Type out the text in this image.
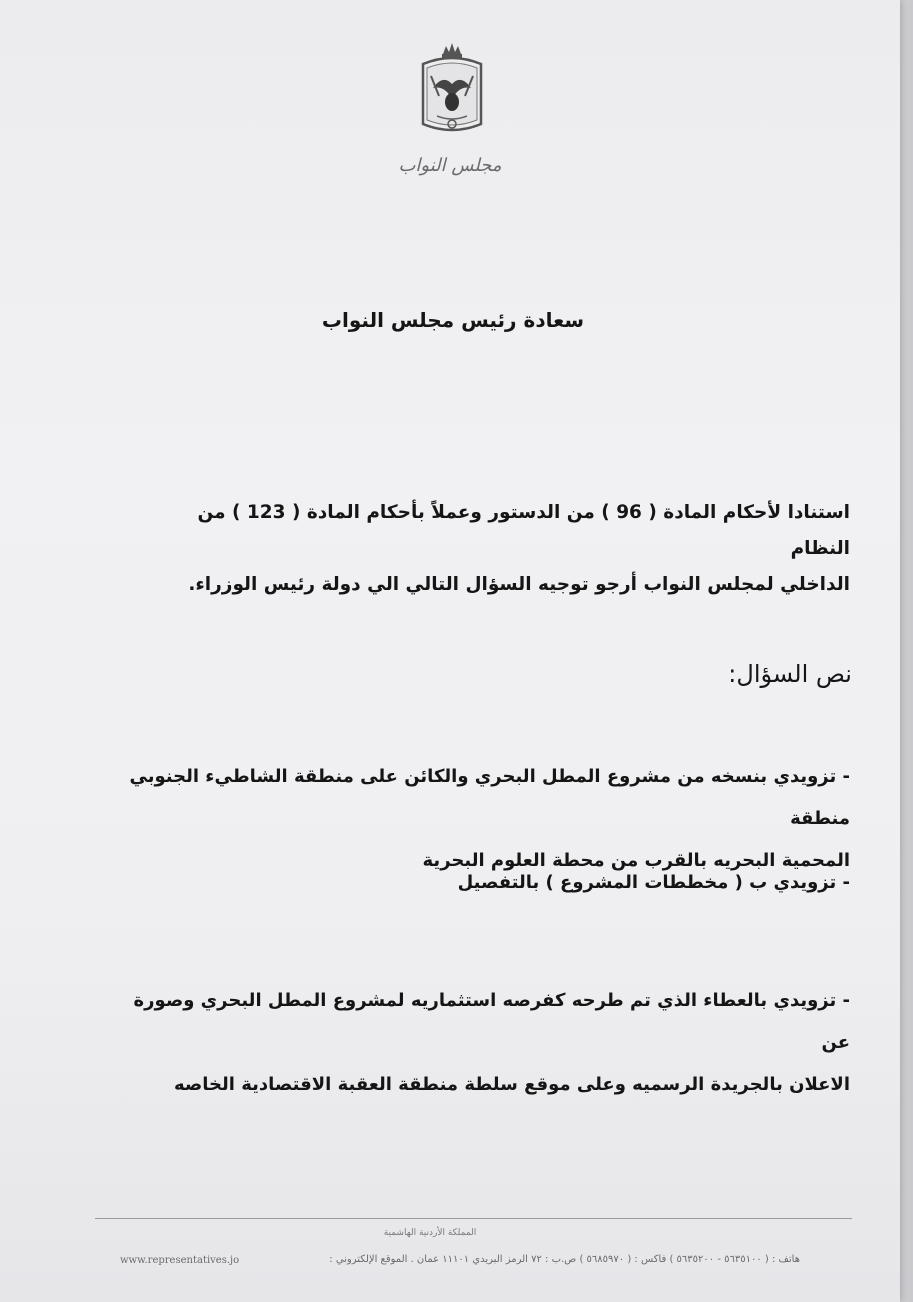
مجلس النواب
سعادة رئيس مجلس النواب
استنادا لأحكام المادة ( 96 ) من الدستور وعملاً بأحكام المادة ( 123 ) من النظام
الداخلي لمجلس النواب أرجو توجيه السؤال التالي الي دولة رئيس الوزراء.
نص السؤال:
- تزويدي بنسخه من مشروع المطل البحري والكائن على منطقة الشاطيء الجنوبي منطقة
المحمية البحريه بالقرب من محطة العلوم البحرية
- تزويدي ب ( مخططات المشروع ) بالتفصيل
- تزويدي بالعطاء الذي تم طرحه كفرصه استثماريه لمشروع المطل البحري وصورة عن
الاعلان بالجريدة الرسميه وعلى موقع سلطة منطقة العقبة الاقتصادية الخاصه
المملكة الأردنية الهاشمية
هاتف : ( ٥٦٣٥١٠٠ - ٥٦٣٥٢٠٠ ) فاكس : ( ٥٦٨٥٩٧٠ ) ص.ب : ٧٢ الرمز البريدي ١١١٠١ عمان . الموقع الإلكتروني :
www.representatives.jo
